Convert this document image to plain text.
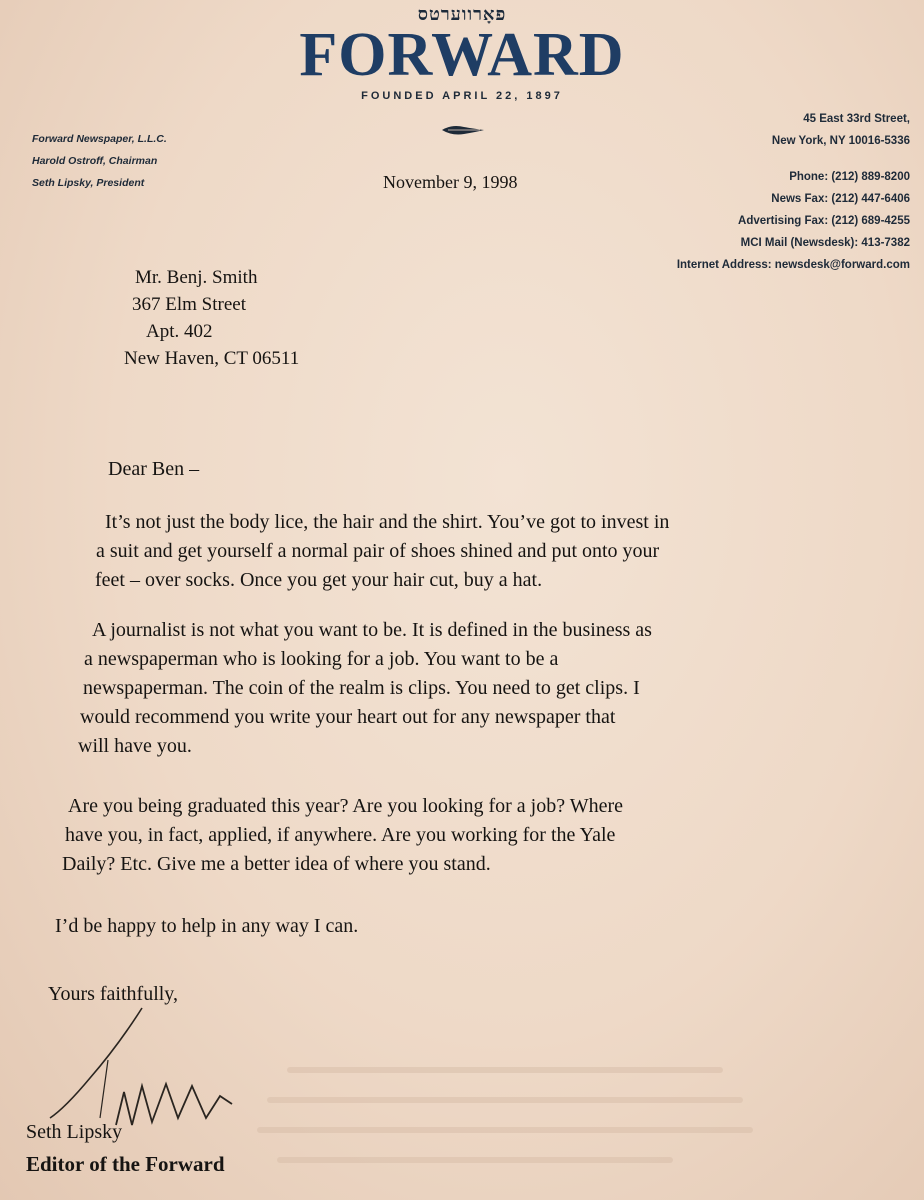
פאָרווערטס
FORWARD
FOUNDED APRIL 22, 1897
Forward Newspaper, L.L.C.
Harold Ostroff, Chairman
Seth Lipsky, President
45 East 33rd Street,
New York, NY 10016-5336
Phone: (212) 889-8200
News Fax: (212) 447-6406
Advertising Fax: (212) 689-4255
MCI Mail (Newsdesk): 413-7382
Internet Address: newsdesk@forward.com
November 9, 1998
Mr. Benj. Smith
367 Elm Street
Apt. 402
New Haven, CT 06511
Dear Ben –
It’s not just the body lice, the hair and the shirt. You’ve got to invest in
a suit and get yourself a normal pair of shoes shined and put onto your
feet – over socks. Once you get your hair cut, buy a hat.
A journalist is not what you want to be. It is defined in the business as
a newspaperman who is looking for a job. You want to be a
newspaperman. The coin of the realm is clips. You need to get clips. I
would recommend you write your heart out for any newspaper that
will have you.
Are you being graduated this year? Are you looking for a job? Where
have you, in fact, applied, if anywhere. Are you working for the Yale
Daily? Etc. Give me a better idea of where you stand.
I’d be happy to help in any way I can.
Yours faithfully,
Seth Lipsky
Editor of the Forward
